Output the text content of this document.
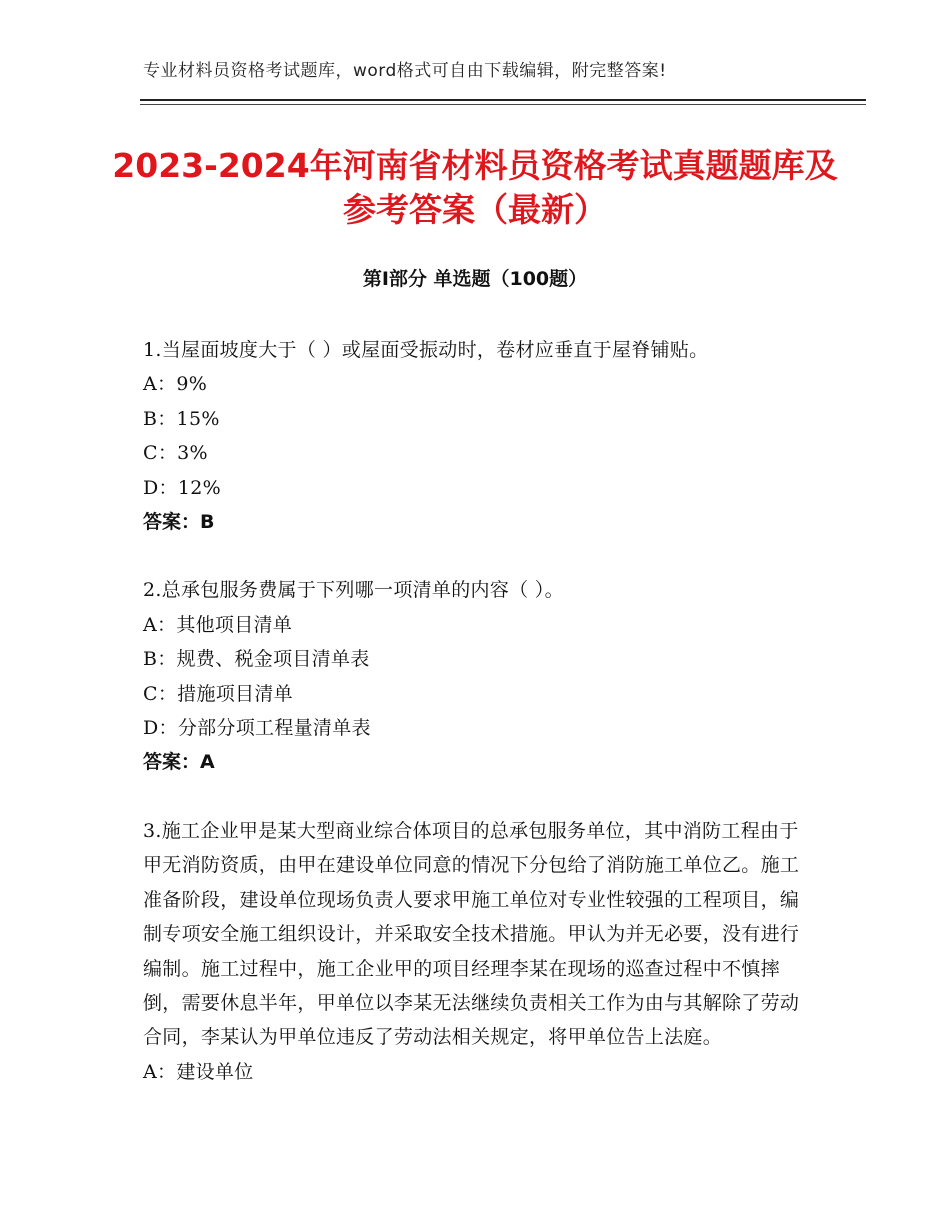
专业材料员资格考试题库，word格式可自由下载编辑，附完整答案!
2023-2024年河南省材料员资格考试真题题库及参考答案（最新）
第Ⅰ部分 单选题（100题）

1.当屋面坡度大于（ ）或屋面受振动时，卷材应垂直于屋脊铺贴。

A：9%

B：15%

C：3%

D：12%

答案：B

2.总承包服务费属于下列哪一项清单的内容（ ）。

A：其他项目清单

B：规费、税金项目清单表

C：措施项目清单

D：分部分项工程量清单表

答案：A

3.施工企业甲是某大型商业综合体项目的总承包服务单位，其中消防工程由于甲无消防资质，由甲在建设单位同意的情况下分包给了消防施工单位乙。施工准备阶段，建设单位现场负责人要求甲施工单位对专业性较强的工程项目，编制专项安全施工组织设计，并采取安全技术措施。甲认为并无必要，没有进行编制。施工过程中，施工企业甲的项目经理李某在现场的巡查过程中不慎摔倒，需要休息半年，甲单位以李某无法继续负责相关工作为由与其解除了劳动合同，李某认为甲单位违反了劳动法相关规定，将甲单位告上法庭。

A：建设单位
